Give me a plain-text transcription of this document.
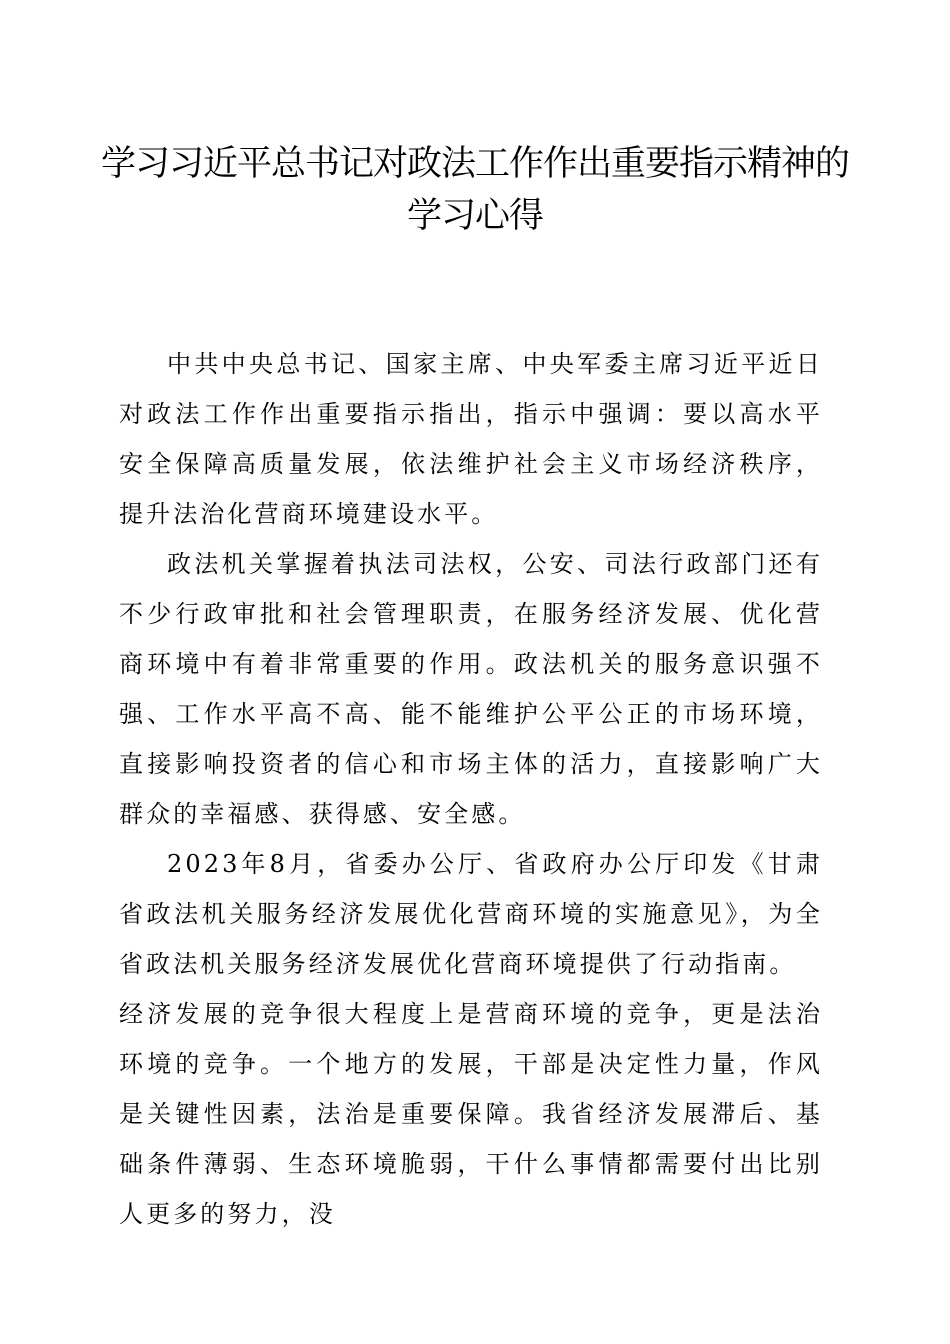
学习习近平总书记对政法工作作出重要指示精神的学习心得

中共中央总书记、国家主席、中央军委主席习近平近日对政法工作作出重要指示指出，指示中强调：要以高水平安全保障高质量发展，依法维护社会主义市场经济秩序，提升法治化营商环境建设水平。

政法机关掌握着执法司法权，公安、司法行政部门还有不少行政审批和社会管理职责，在服务经济发展、优化营商环境中有着非常重要的作用。政法机关的服务意识强不强、工作水平高不高、能不能维护公平公正的市场环境，直接影响投资者的信心和市场主体的活力，直接影响广大群众的幸福感、获得感、安全感。

2023年8月，省委办公厅、省政府办公厅印发《甘肃省政法机关服务经济发展优化营商环境的实施意见》，为全省政法机关服务经济发展优化营商环境提供了行动指南。

经济发展的竞争很大程度上是营商环境的竞争，更是法治环境的竞争。一个地方的发展，干部是决定性力量，作风是关键性因素，法治是重要保障。我省经济发展滞后、基础条件薄弱、生态环境脆弱，干什么事情都需要付出比别人更多的努力，没
